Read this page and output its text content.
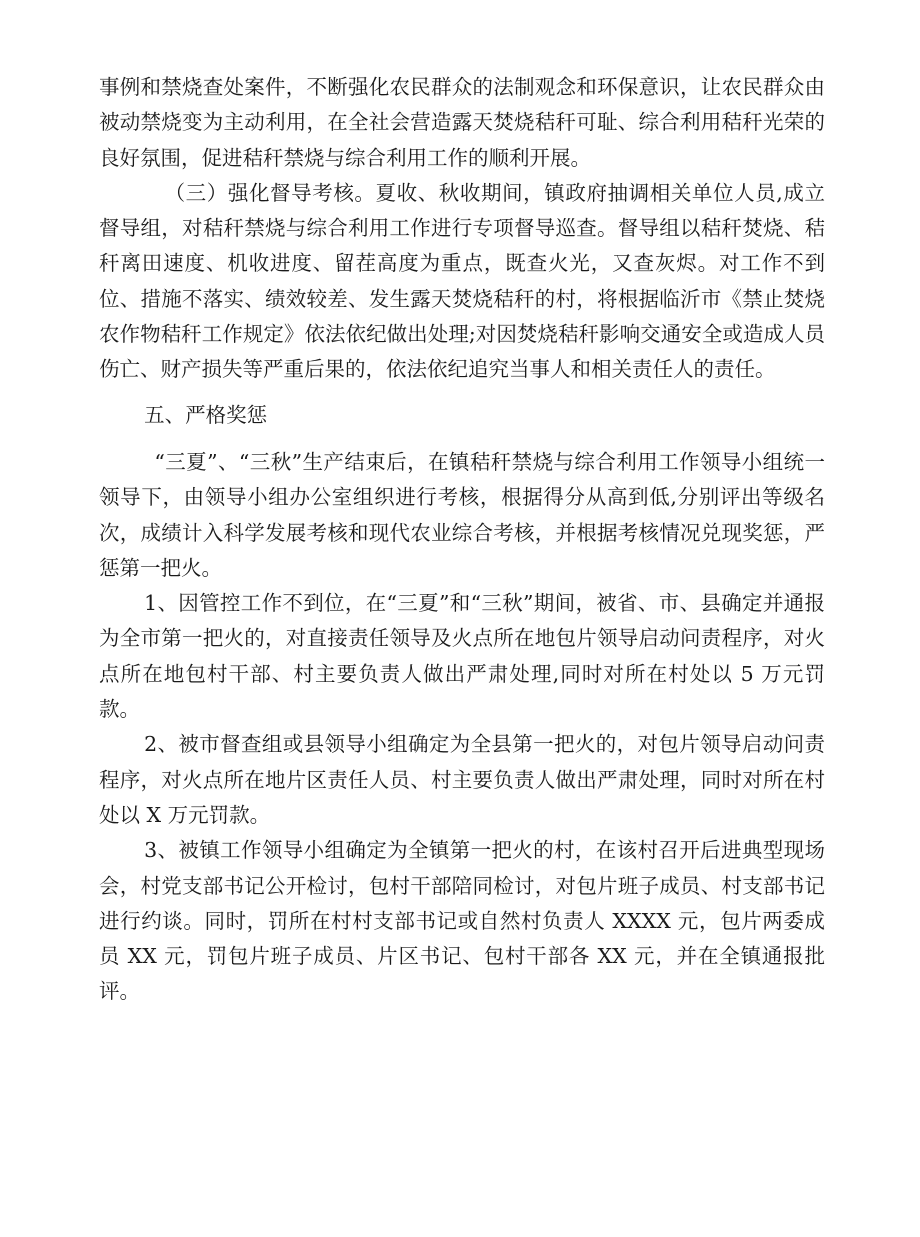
事例和禁烧查处案件，不断强化农民群众的法制观念和环保意识，让农民群众由被动禁烧变为主动利用，在全社会营造露天焚烧秸秆可耻、综合利用秸秆光荣的良好氛围，促进秸秆禁烧与综合利用工作的顺利开展。

（三）强化督导考核。夏收、秋收期间，镇政府抽调相关单位人员,成立督导组，对秸秆禁烧与综合利用工作进行专项督导巡查。督导组以秸秆焚烧、秸秆离田速度、机收进度、留茬高度为重点，既查火光，又查灰烬。对工作不到位、措施不落实、绩效较差、发生露天焚烧秸秆的村，将根据临沂市《禁止焚烧农作物秸秆工作规定》依法依纪做出处理;对因焚烧秸秆影响交通安全或造成人员伤亡、财产损失等严重后果的，依法依纪追究当事人和相关责任人的责任。

五、严格奖惩

“三夏”、“三秋”生产结束后，在镇秸秆禁烧与综合利用工作领导小组统一领导下，由领导小组办公室组织进行考核，根据得分从高到低,分别评出等级名次，成绩计入科学发展考核和现代农业综合考核，并根据考核情况兑现奖惩，严惩第一把火。

1、因管控工作不到位，在“三夏”和“三秋”期间，被省、市、县确定并通报为全市第一把火的，对直接责任领导及火点所在地包片领导启动问责程序，对火点所在地包村干部、村主要负责人做出严肃处理,同时对所在村处以 5 万元罚款。

2、被市督查组或县领导小组确定为全县第一把火的，对包片领导启动问责程序，对火点所在地片区责任人员、村主要负责人做出严肃处理，同时对所在村处以 X 万元罚款。

3、被镇工作领导小组确定为全镇第一把火的村，在该村召开后进典型现场会，村党支部书记公开检讨，包村干部陪同检讨，对包片班子成员、村支部书记进行约谈。同时，罚所在村村支部书记或自然村负责人 XXXX 元，包片两委成员 XX 元，罚包片班子成员、片区书记、包村干部各 XX 元，并在全镇通报批评。
